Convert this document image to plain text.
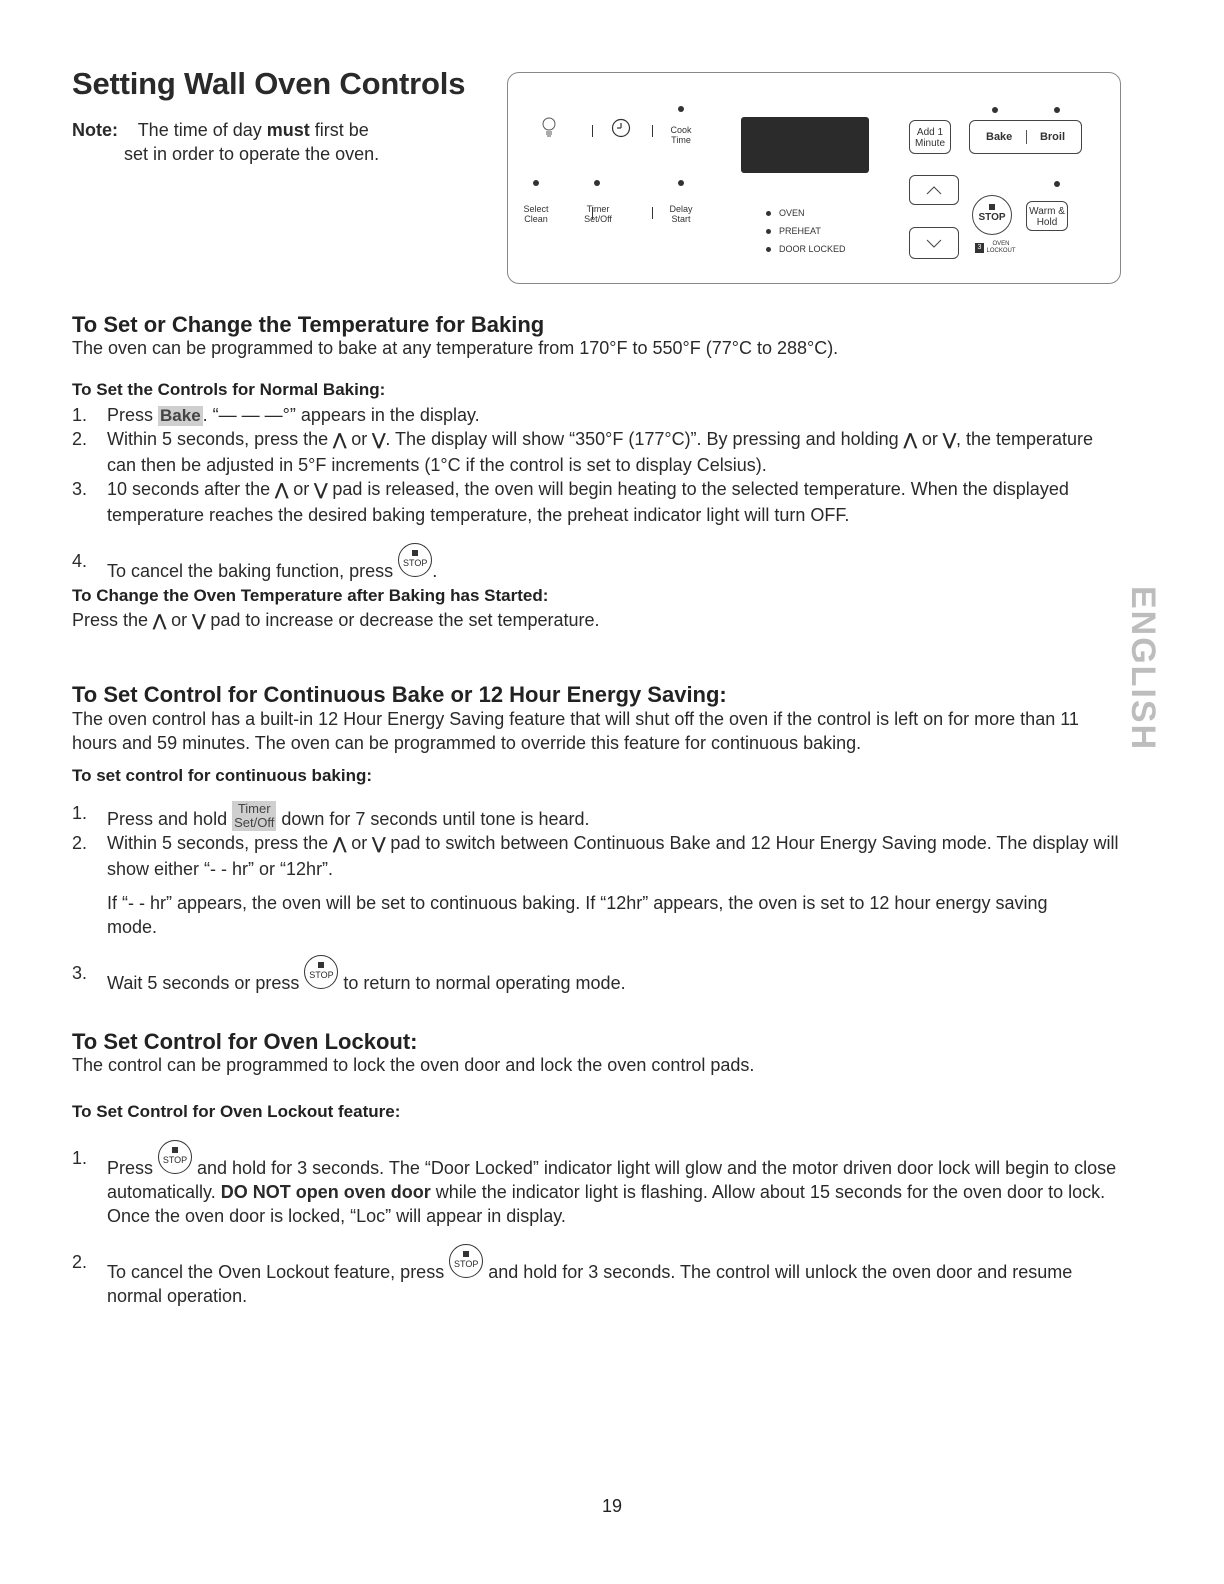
Setting Wall Oven Controls
Note: The time of day must first be
set in order to operate the oven.
Cook
Time
Select
Clean
Timer
Set/Off
Delay
Start
OVEN
PREHEAT
DOOR LOCKED
Add 1
Minute
Bake	Broil
STOP
Warm &
Hold
3	OVEN
LOCKOUT
To Set or Change the Temperature for Baking
The oven can be programmed to bake at any temperature from 170°F to 550°F (77°C to 288°C).
To Set the Controls for Normal Baking:
1. Press Bake . “— — —°” appears in the display.
2. Within 5 seconds, press the ⋀ or ⋁. The display will show “350°F (177°C)”. By pressing and holding ⋀ or ⋁, the temperature can then be adjusted in 5°F increments (1°C if the control is set to display Celsius).
3. 10 seconds after the ⋀ or ⋁ pad is released, the oven will begin heating to the selected temperature. When the displayed temperature reaches the desired baking temperature, the preheat indicator light will turn OFF.
4. To cancel the baking function, press
STOP .
To Change the Oven Temperature after Baking has Started:
Press the ⋀ or ⋁ pad to increase or decrease the set temperature.
To Set Control for Continuous Bake or 12 Hour Energy Saving:
The oven control has a built-in 12 Hour Energy Saving feature that will shut off the oven if the control is left on for more than 11 hours and 59 minutes. The oven can be programmed to override this feature for continuous baking.
To set control for continuous baking:
1. Press and hold
Timer
Set/Off down for 7 seconds until tone is heard.
2. Within 5 seconds, press the ⋀ or ⋁ pad to switch between Continuous Bake and 12 Hour Energy Saving mode. The display will show either “- - hr” or “12hr”.
If “- - hr” appears, the oven will be set to continuous baking. If “12hr” appears, the oven is set to 12 hour energy saving mode.
3. Wait 5 seconds or press
STOP to return to normal operating mode.
To Set Control for Oven Lockout:
The control can be programmed to lock the oven door and lock the oven control pads.
To Set Control for Oven Lockout feature:
1. Press
STOP and hold for 3 seconds. The “Door Locked” indicator light will glow and the motor driven door lock will begin to close automatically. DO NOT open oven door while the indicator light is flashing. Allow about 15 seconds for the oven door to lock. Once the oven door is locked, “Loc” will appear in display.
2. To cancel the Oven Lockout feature, press
STOP and hold for 3 seconds. The control will unlock the oven door and resume normal operation.
ENGLISH
19
